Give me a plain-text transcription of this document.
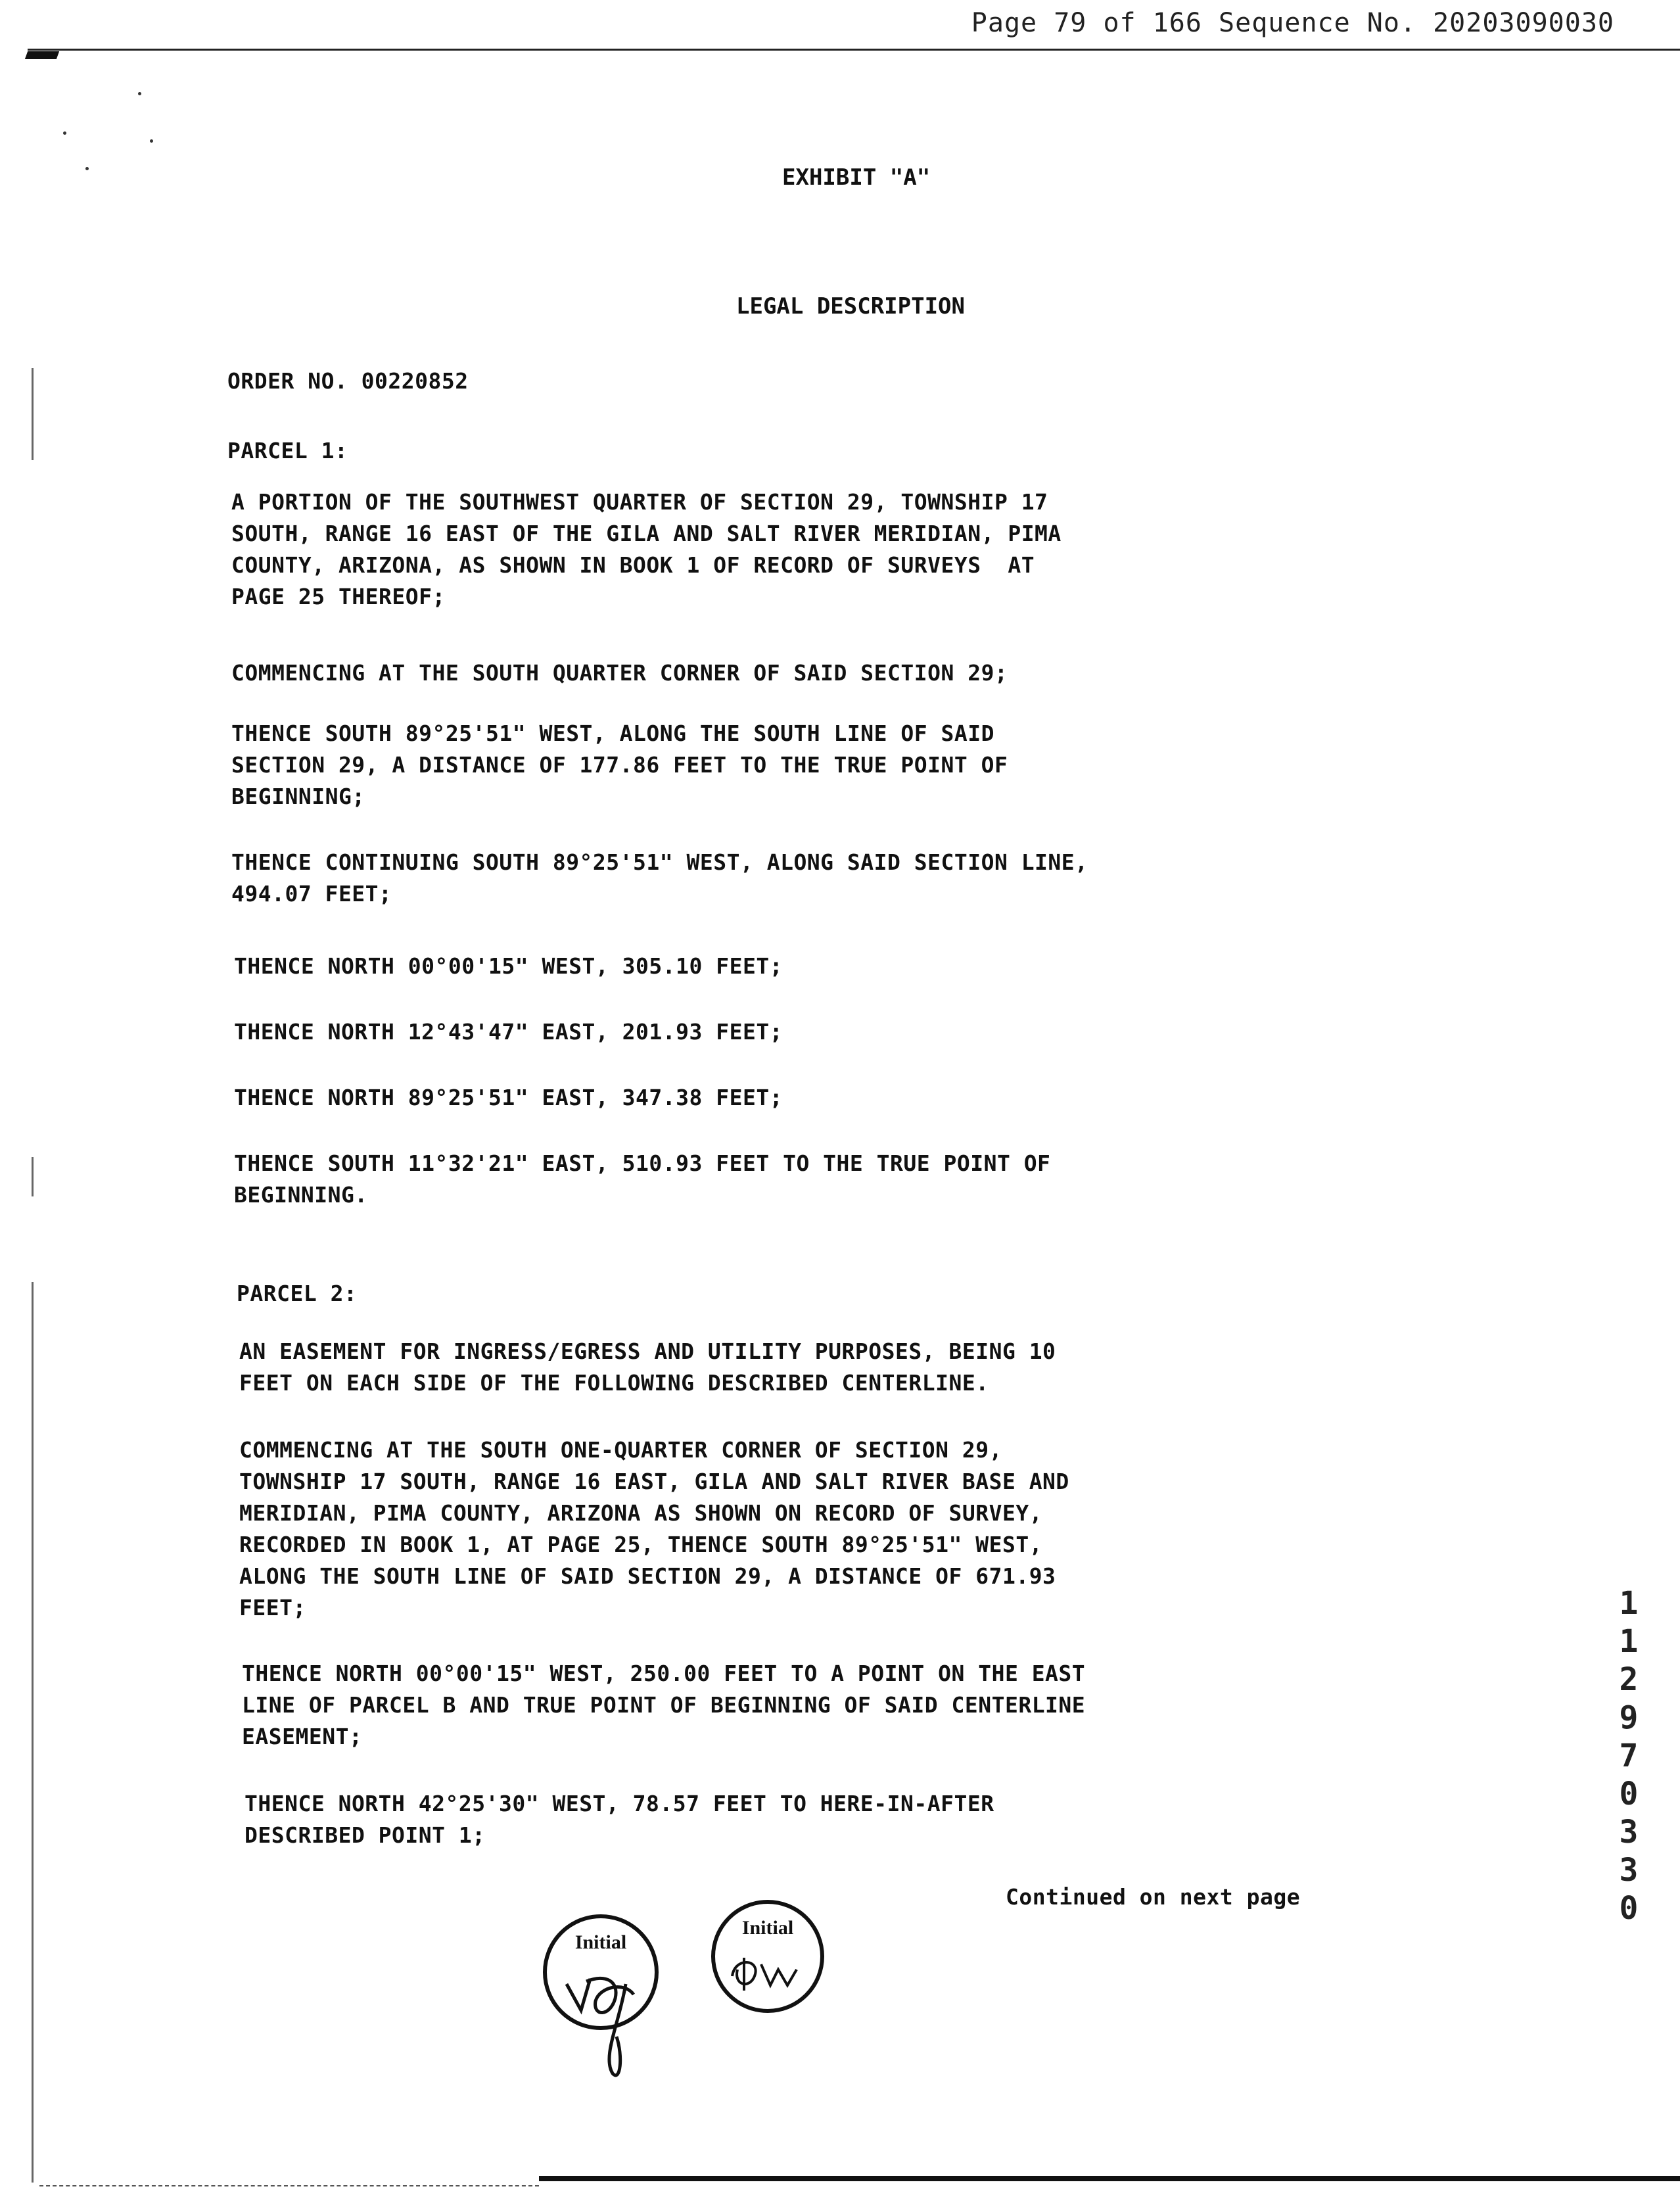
Page 79 of 166 Sequence No. 20203090030
EXHIBIT "A"
LEGAL DESCRIPTION
ORDER NO. 00220852
PARCEL 1:
A PORTION OF THE SOUTHWEST QUARTER OF SECTION 29, TOWNSHIP 17
SOUTH, RANGE 16 EAST OF THE GILA AND SALT RIVER MERIDIAN, PIMA
COUNTY, ARIZONA, AS SHOWN IN BOOK 1 OF RECORD OF SURVEYS  AT
PAGE 25 THEREOF;
COMMENCING AT THE SOUTH QUARTER CORNER OF SAID SECTION 29;
THENCE SOUTH 89°25'51" WEST, ALONG THE SOUTH LINE OF SAID
SECTION 29, A DISTANCE OF 177.86 FEET TO THE TRUE POINT OF
BEGINNING;
THENCE CONTINUING SOUTH 89°25'51" WEST, ALONG SAID SECTION LINE,
494.07 FEET;
THENCE NORTH 00°00'15" WEST, 305.10 FEET;
THENCE NORTH 12°43'47" EAST, 201.93 FEET;
THENCE NORTH 89°25'51" EAST, 347.38 FEET;
THENCE SOUTH 11°32'21" EAST, 510.93 FEET TO THE TRUE POINT OF
BEGINNING.
PARCEL 2:
AN EASEMENT FOR INGRESS/EGRESS AND UTILITY PURPOSES, BEING 10
FEET ON EACH SIDE OF THE FOLLOWING DESCRIBED CENTERLINE.
COMMENCING AT THE SOUTH ONE-QUARTER CORNER OF SECTION 29,
TOWNSHIP 17 SOUTH, RANGE 16 EAST, GILA AND SALT RIVER BASE AND
MERIDIAN, PIMA COUNTY, ARIZONA AS SHOWN ON RECORD OF SURVEY,
RECORDED IN BOOK 1, AT PAGE 25, THENCE SOUTH 89°25'51" WEST,
ALONG THE SOUTH LINE OF SAID SECTION 29, A DISTANCE OF 671.93
FEET;
THENCE NORTH 00°00'15" WEST, 250.00 FEET TO A POINT ON THE EAST
LINE OF PARCEL B AND TRUE POINT OF BEGINNING OF SAID CENTERLINE
EASEMENT;
THENCE NORTH 42°25'30" WEST, 78.57 FEET TO HERE-IN-AFTER
DESCRIBED POINT 1;
Continued on next page
1
1
2
9
7
0
3
3
0
Initial
Initial
